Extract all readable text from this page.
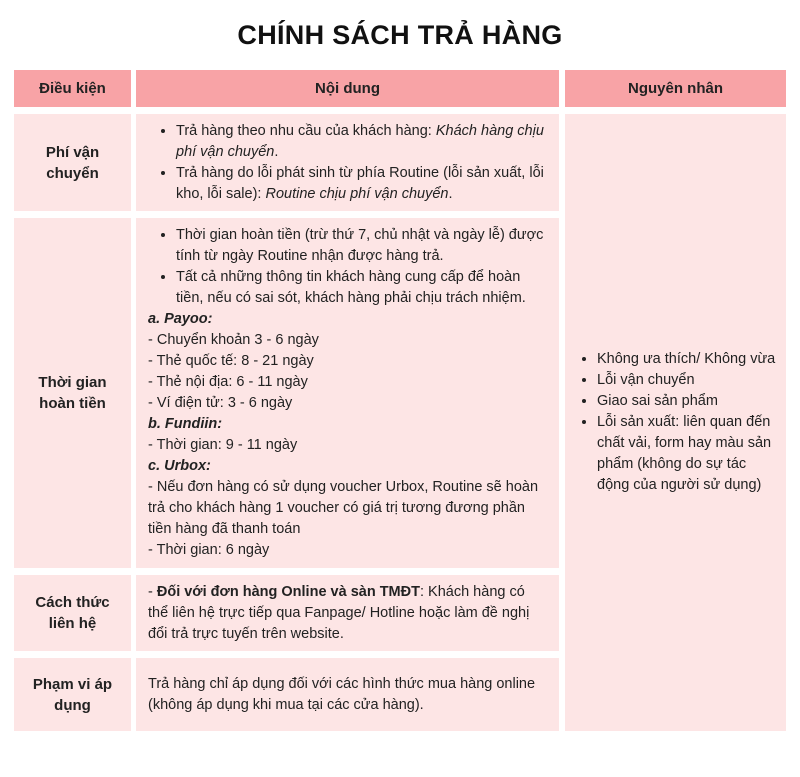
CHÍNH SÁCH TRẢ HÀNG
Điều kiện	Nội dung	Nguyên nhân
Phí vận chuyển
• Trả hàng theo nhu cầu của khách hàng: Khách hàng chịu phí vận chuyển.
• Trả hàng do lỗi phát sinh từ phía Routine (lỗi sản xuất, lỗi kho, lỗi sale): Routine chịu phí vận chuyển.
Thời gian hoàn tiền
• Thời gian hoàn tiền (trừ thứ 7, chủ nhật và ngày lễ) được tính từ ngày Routine nhận được hàng trả.
• Tất cả những thông tin khách hàng cung cấp để hoàn tiền, nếu có sai sót, khách hàng phải chịu trách nhiệm.

a. Payoo:

- Chuyển khoản 3 - 6 ngày

- Thẻ quốc tế: 8 - 21 ngày

- Thẻ nội địa: 6 - 11 ngày

- Ví điện tử: 3 - 6 ngày

b. Fundiin:

- Thời gian: 9 - 11 ngày

c. Urbox:

- Nếu đơn hàng có sử dụng voucher Urbox, Routine sẽ hoàn trả cho khách hàng 1 voucher có giá trị tương đương phần tiền hàng đã thanh toán

- Thời gian: 6 ngày

Cách thức liên hệ

- Đối với đơn hàng Online và sàn TMĐT: Khách hàng có thể liên hệ trực tiếp qua Fanpage/ Hotline hoặc làm đề nghị đổi trả trực tuyến trên website.

Phạm vi áp dụng

Trả hàng chỉ áp dụng đối với các hình thức mua hàng online (không áp dụng khi mua tại các cửa hàng).

• Không ưa thích/ Không vừa
• Lỗi vận chuyển
• Giao sai sản phẩm
• Lỗi sản xuất: liên quan đến chất vải, form hay màu sản phẩm (không do sự tác động của người sử dụng)
